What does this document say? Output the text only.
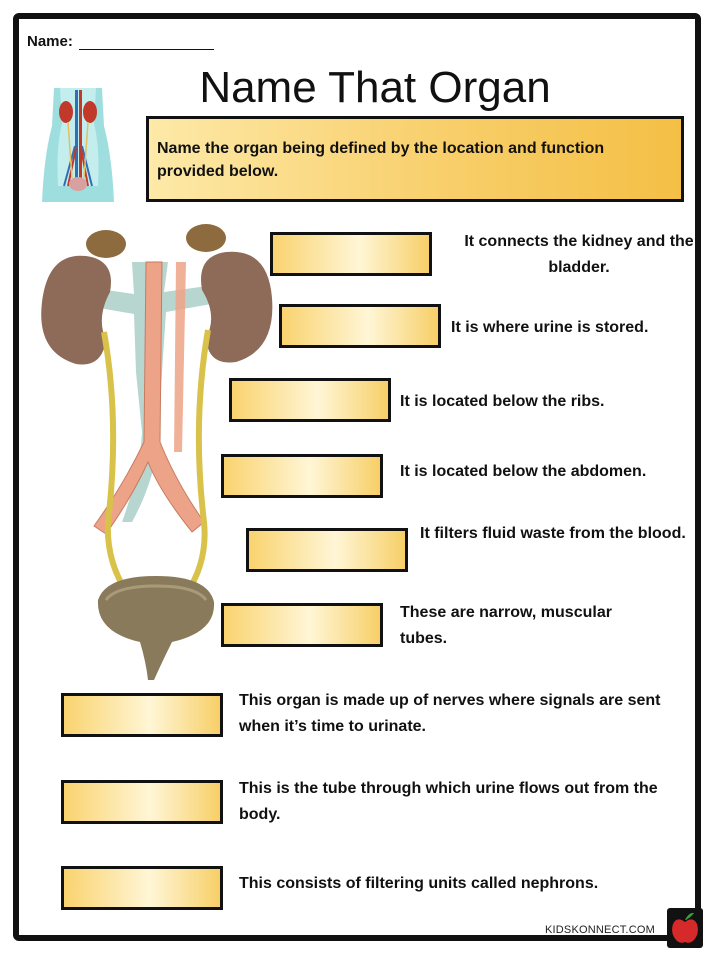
Name:
Name That Organ
Name the organ being defined by the location and function provided below.
It connects the kidney and the bladder.
It is where urine is stored.
It is located below the ribs.
It is located below the abdomen.
It filters fluid waste from the blood.
These are narrow, muscular tubes.
This organ is made up of nerves where signals are sent when it’s time to urinate.
This is the tube through which urine flows out from the body.
This consists of filtering units called nephrons.
KIDSKONNECT.COM
